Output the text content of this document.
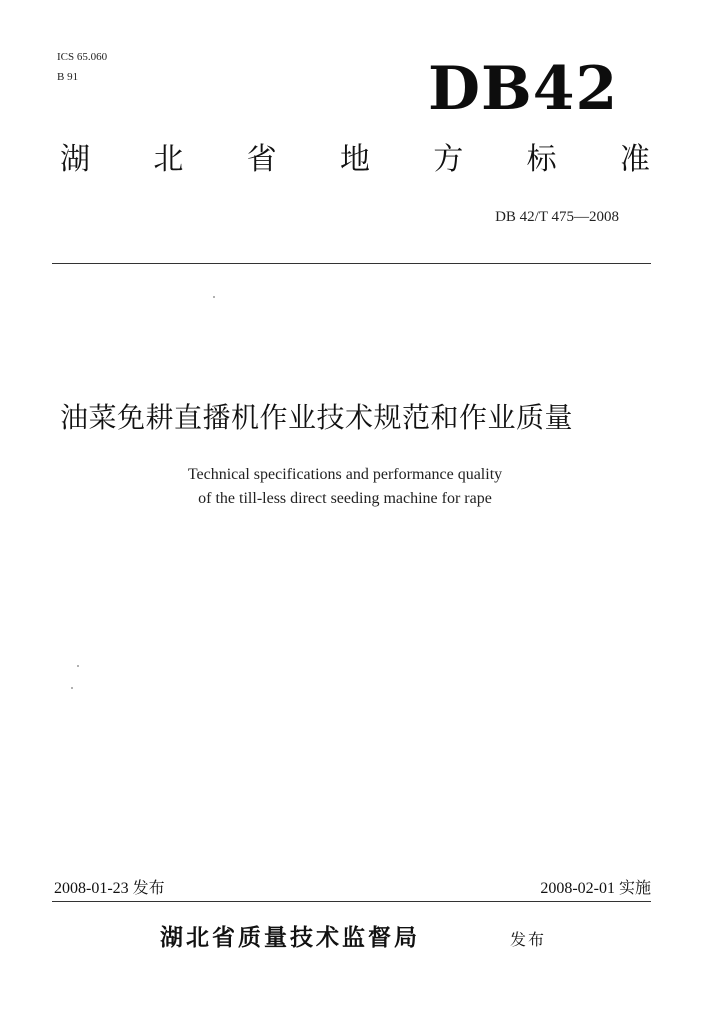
ICS 65.060
B 91	DB42
湖 北 省 地 方 标 准
DB 42/T 475—2008
油菜免耕直播机作业技术规范和作业质量
Technical specifications and performance quality
of the till-less direct seeding machine for rape
2008-01-23 发布	2008-02-01 实施
湖北省质量技术监督局	发布
